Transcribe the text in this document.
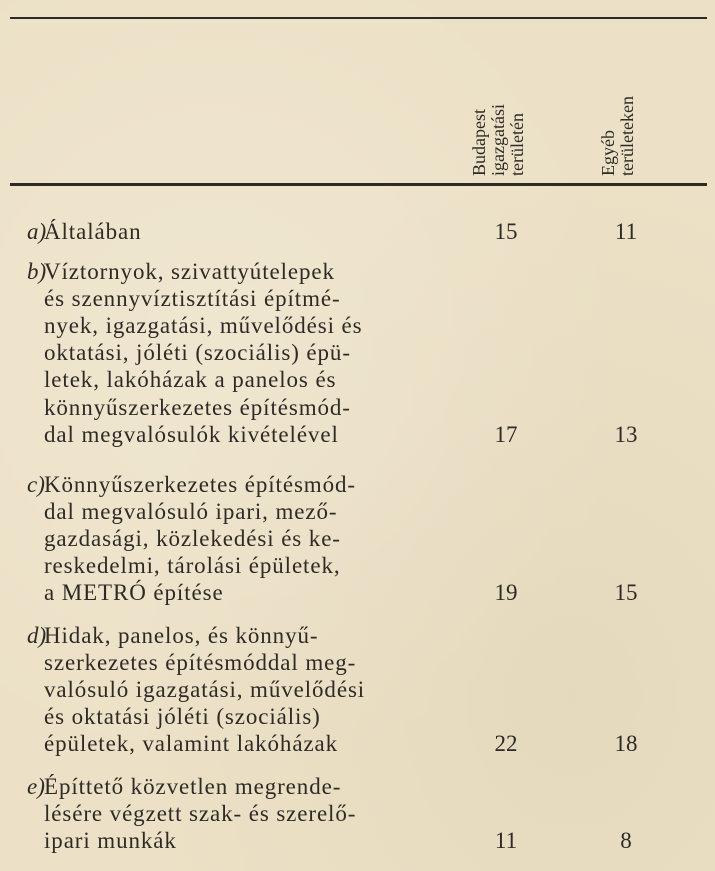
Budapest
igazgatási
területén	Egyéb
területeken
a)
Általában	15	11
b)
Víztornyok, szivattyútelepek
és szennyvíztisztítási építmé-
nyek, igazgatási, művelődési és
oktatási, jóléti (szociális) épü-
letek, lakóházak a panelos és
könnyűszerkezetes építésmód-
dal megvalósulók kivételével	17	13
c) Könnyűszerkezetes építésmód-
dal megvalósuló ipari, mező-
gazdasági, közlekedési és ke-
reskedelmi, tárolási épületek,
a METRÓ építése	19	15
d)
Hidak, panelos, és könnyű-
szerkezetes építésmóddal meg-
valósuló igazgatási, művelődési
és oktatási jóléti (szociális)
épületek, valamint lakóházak	22	18
e) Építtető közvetlen megrende-
lésére végzett szak- és szerelő-
ipari munkák	11	8
